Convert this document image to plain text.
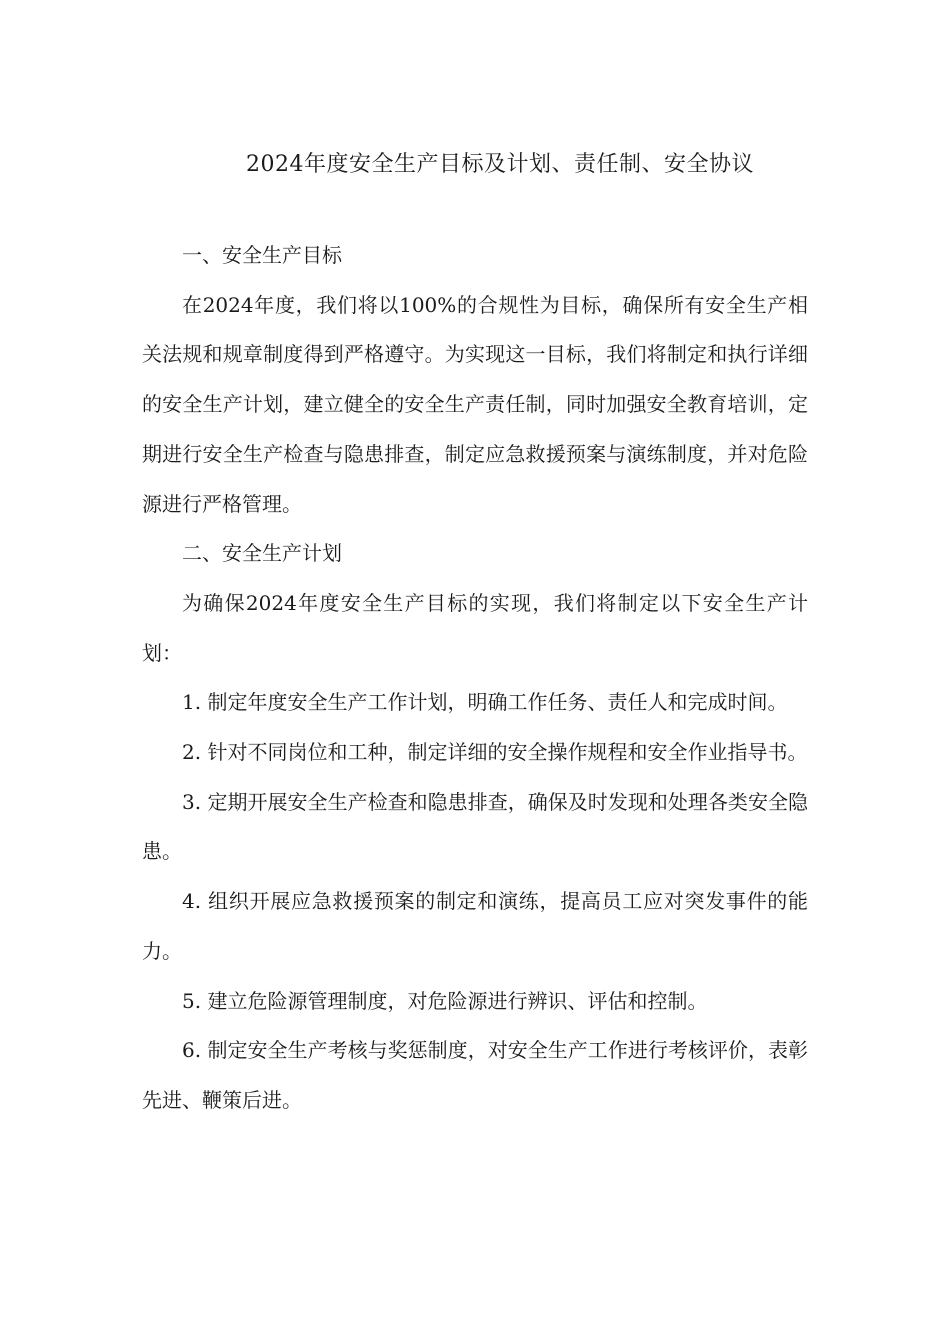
2024年度安全生产目标及计划、责任制、安全协议

一、安全生产目标

在2024年度，我们将以100%的合规性为目标，确保所有安全生产相关法规和规章制度得到严格遵守。为实现这一目标，我们将制定和执行详细的安全生产计划，建立健全的安全生产责任制，同时加强安全教育培训，定期进行安全生产检查与隐患排查，制定应急救援预案与演练制度，并对危险源进行严格管理。

二、安全生产计划

为确保2024年度安全生产目标的实现，我们将制定以下安全生产计划：

1. 制定年度安全生产工作计划，明确工作任务、责任人和完成时间。

2. 针对不同岗位和工种，制定详细的安全操作规程和安全作业指导书。

3. 定期开展安全生产检查和隐患排查，确保及时发现和处理各类安全隐患。

4. 组织开展应急救援预案的制定和演练，提高员工应对突发事件的能力。

5. 建立危险源管理制度，对危险源进行辨识、评估和控制。

6. 制定安全生产考核与奖惩制度，对安全生产工作进行考核评价，表彰先进、鞭策后进。
